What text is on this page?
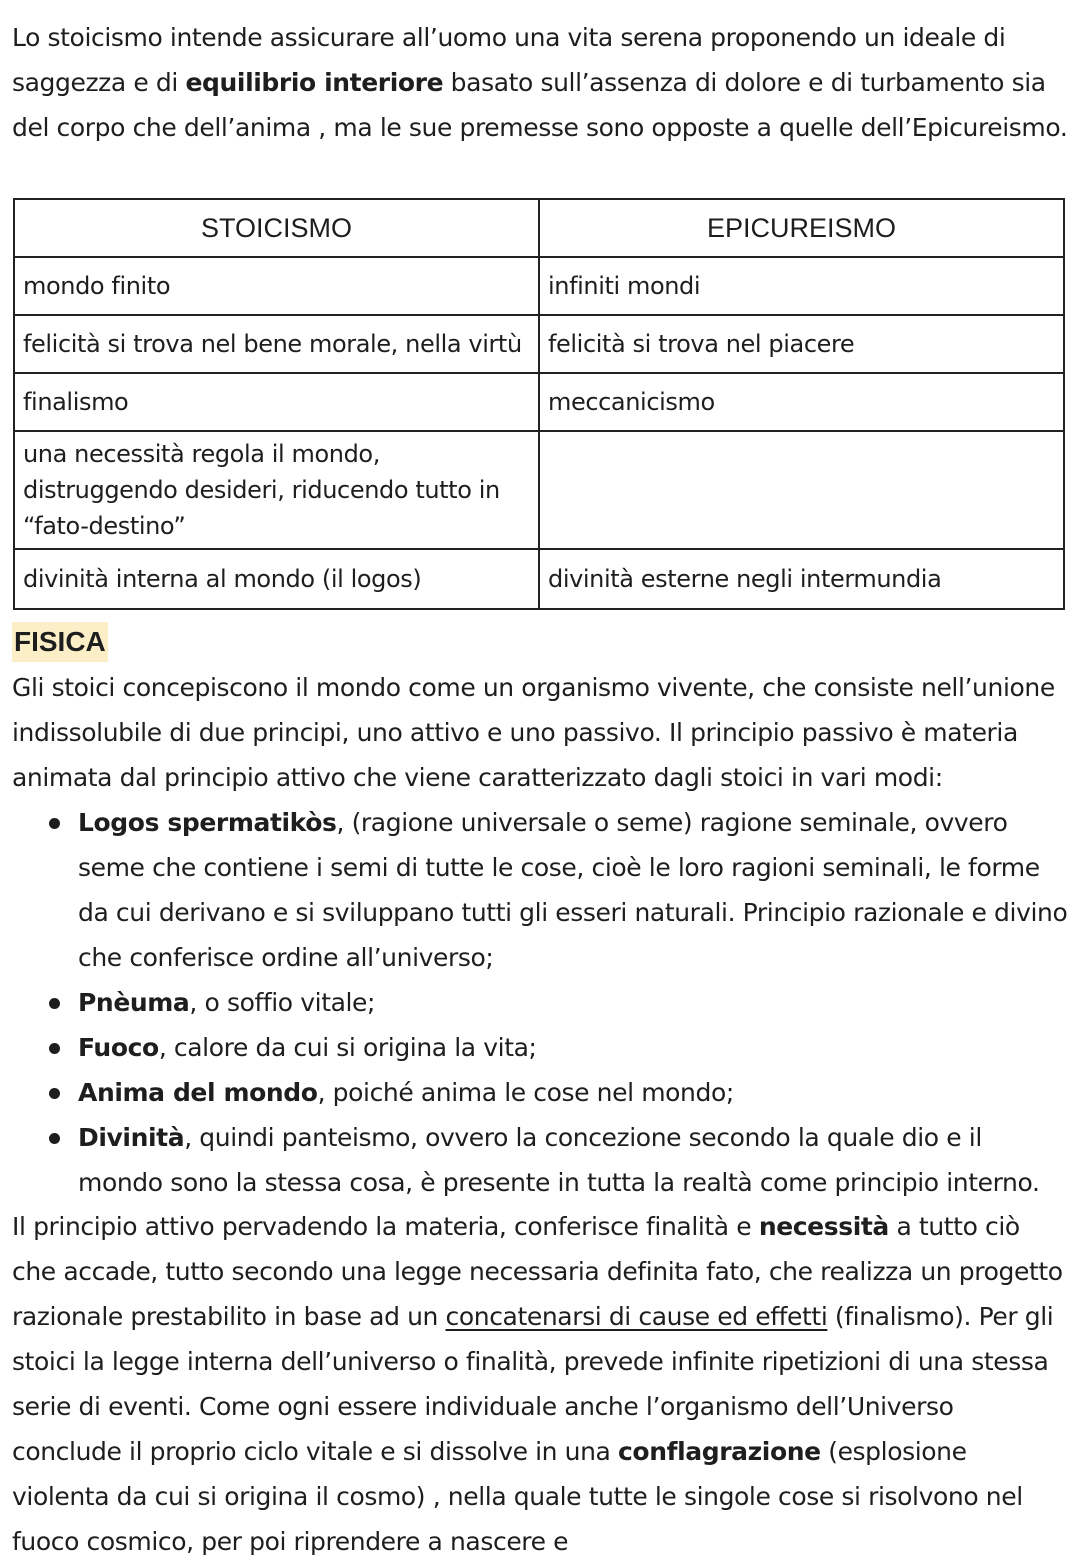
Lo stoicismo intende assicurare all’uomo una vita serena proponendo un ideale di saggezza e di equilibrio interiore basato sull’assenza di dolore e di turbamento sia del corpo che dell’anima , ma le sue premesse sono opposte a quelle dell’Epicureismo.

STOICISMO	EPICUREISMO
mondo finito	infiniti mondi
felicità si trova nel bene morale, nella virtù	felicità si trova nel piacere
finalismo	meccanicismo
una necessità regola il mondo, distruggendo desideri, riducendo tutto in “fato-destino”	
divinità interna al mondo (il logos)	divinità esterne negli intermundia
FISICA

Gli stoici concepiscono il mondo come un organismo vivente, che consiste nell’unione indissolubile di due principi, uno attivo e uno passivo. Il principio passivo è materia animata dal principio attivo che viene caratterizzato dagli stoici in vari modi:

Logos spermatikòs, (ragione universale o seme) ragione seminale, ovvero seme che contiene i semi di tutte le cose, cioè le loro ragioni seminali, le forme da cui derivano e si sviluppano tutti gli esseri naturali. Principio razionale e divino che conferisce ordine all’universo;
Pnèuma, o soffio vitale;
Fuoco, calore da cui si origina la vita;
Anima del mondo, poiché anima le cose nel mondo;
Divinità, quindi panteismo, ovvero la concezione secondo la quale dio e il mondo sono la stessa cosa, è presente in tutta la realtà come principio interno.

Il principio attivo pervadendo la materia, conferisce finalità e necessità a tutto ciò che accade, tutto secondo una legge necessaria definita fato, che realizza un progetto razionale prestabilito in base ad un concatenarsi di cause ed effetti (finalismo). Per gli stoici la legge interna dell’universo o finalità, prevede infinite ripetizioni di una stessa serie di eventi. Come ogni essere individuale anche l’organismo dell’Universo conclude il proprio ciclo vitale e si dissolve in una conflagrazione (esplosione violenta da cui si origina il cosmo) , nella quale tutte le singole cose si risolvono nel fuoco cosmico, per poi riprendere a nascere e
